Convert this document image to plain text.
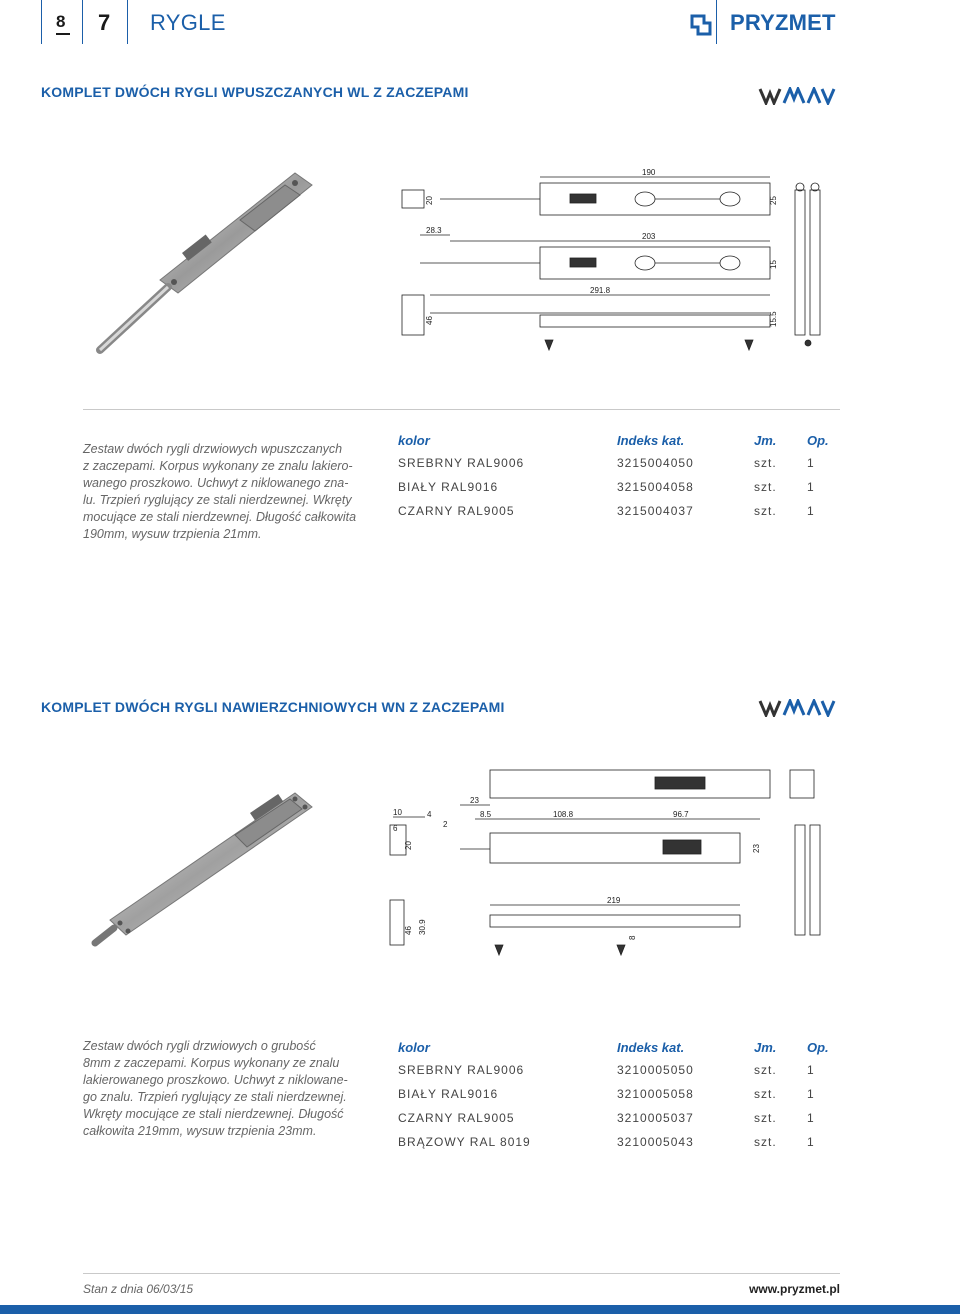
8 7 RYGLE	PRYZMET
KOMPLET DWÓCH RYGLI WPUSZCZANYCH WL Z ZACZEPAMI
190
25
20
28.3
203
15
291.8
46	15.5
Zestaw dwóch rygli drzwiowych wpuszczanych
z zaczepami. Korpus wykonany ze znalu lakiero-
wanego proszkowo. Uchwyt z niklowanego zna-
lu. Trzpień ryglujący ze stali nierdzewnej. Wkręty
mocujące ze stali nierdzewnej. Długość całkowita
190mm, wysuw trzpienia 21mm.
kolor	Indeks kat.	Jm.	Op.
SREBRNY RAL9006	3215004050	szt.	1
BIAŁY RAL9016	3215004058	szt.	1
CZARNY RAL9005	3215004037	szt.	1
KOMPLET DWÓCH RYGLI NAWIERZCHNIOWYCH WN Z ZACZEPAMI
10
6
4
2
23
8.5	108.8	96.7
20	23
219
46 30.9
8
Zestaw dwóch rygli drzwiowych o grubość
8mm z zaczepami. Korpus wykonany ze znalu
lakierowanego proszkowo. Uchwyt z niklowane-
go znalu. Trzpień ryglujący ze stali nierdzewnej.
Wkręty mocujące ze stali nierdzewnej. Długość
całkowita 219mm, wysuw trzpienia 23mm.
kolor	Indeks kat.	Jm.	Op.
SREBRNY RAL9006	3210005050	szt.	1
BIAŁY RAL9016	3210005058	szt.	1
CZARNY RAL9005	3210005037	szt.	1
BRĄZOWY RAL 8019	3210005043	szt.	1
Stan z dnia 06/03/15	www.pryzmet.pl
